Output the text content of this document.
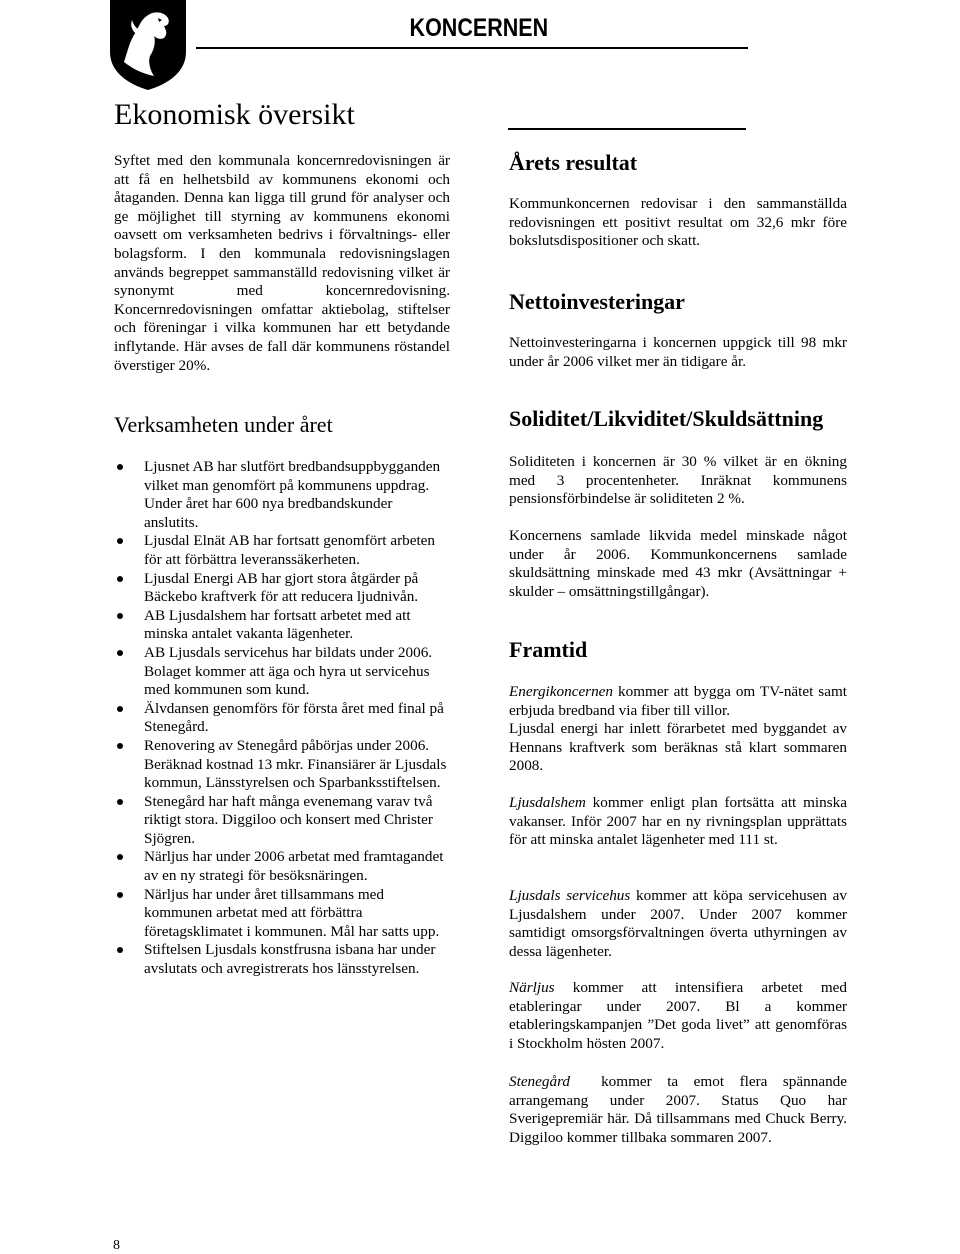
KONCERNEN
Ekonomisk översikt

Syftet med den kommunala koncernredovisningen är att få en helhetsbild av kommunens ekonomi och åtaganden. Denna kan ligga till grund för analyser och ge möjlighet till styrning av kommunens ekonomi oavsett om verksamheten bedrivs i förvaltnings- eller bolagsform. I den kommunala redovisningslagen används begreppet sammanställd redovisning vilket är synonymt med koncernredovisning. Koncernredovisningen omfattar aktiebolag, stiftelser och föreningar i vilka kommunen har ett betydande inflytande. Här avses de fall där kommunens röstandel överstiger 20%.

Verksamheten under året
Ljusnet AB har slutfört bredbandsuppbygganden vilket man genomfört på kommunens uppdrag. Under året har 600 nya bredbandskunder anslutits.
Ljusdal Elnät AB har fortsatt genomfört arbeten för att förbättra leveranssäkerheten.
Ljusdal Energi AB har gjort stora åtgärder på Bäckebo kraftverk för att reducera ljudnivån.
AB Ljusdalshem har fortsatt arbetet med att minska antalet vakanta lägenheter.
AB Ljusdals servicehus har bildats under 2006. Bolaget kommer att äga och hyra ut servicehus med kommunen som kund.
Älvdansen genomförs för första året med final på Stenegård.
Renovering av Stenegård påbörjas under 2006. Beräknad kostnad 13 mkr. Finansiärer är Ljusdals kommun, Länsstyrelsen och Sparbanksstiftelsen.
Stenegård har haft många evenemang varav två riktigt stora. Diggiloo och konsert med Christer Sjögren.
Närljus har under 2006 arbetat med framtagandet av en ny strategi för besöksnäringen.
Närljus har under året tillsammans med kommunen arbetat med att förbättra företagsklimatet i kommunen. Mål har satts upp.
Stiftelsen Ljusdals konstfrusna isbana har under avslutats och avregistrerats hos länsstyrelsen.
Årets resultat

Kommunkoncernen redovisar i den sammanställda redovisningen ett positivt resultat om 32,6 mkr före bokslutsdispositioner och skatt.

Nettoinvesteringar

Nettoinvesteringarna i koncernen uppgick till 98 mkr under år 2006 vilket mer än tidigare år.

Soliditet/Likviditet/Skuldsättning

Soliditeten i koncernen är 30 % vilket är en ökning med 3 procentenheter. Inräknat kommunens pensionsförbindelse är soliditeten 2 %.

Koncernens samlade likvida medel minskade något under år 2006. Kommunkoncernens samlade skuldsättning minskade med 43 mkr (Avsättningar + skulder – omsättningstillgångar).

Framtid

Energikoncernen kommer att bygga om TV-nätet samt erbjuda bredband via fiber till villor.

Ljusdal energi har inlett förarbetet med byggandet av Hennans kraftverk som beräknas stå klart sommaren 2008.

Ljusdalshem kommer enligt plan fortsätta att minska vakanser. Inför 2007 har en ny rivningsplan upprättats för att minska antalet lägenheter med 111 st.

Ljusdals servicehus kommer att köpa servicehusen av Ljusdalshem under 2007. Under 2007 kommer samtidigt omsorgsförvaltningen överta uthyrningen av dessa lägenheter.

Närljus kommer att intensifiera arbetet med etableringar under 2007. Bl a kommer etableringskampanjen ”Det goda livet” att genomföras i Stockholm hösten 2007.

Stenegård  kommer ta emot flera spännande arrangemang under 2007. Status Quo har Sverigepremiär här. Då tillsammans med Chuck Berry. Diggiloo kommer tillbaka sommaren 2007.

8
